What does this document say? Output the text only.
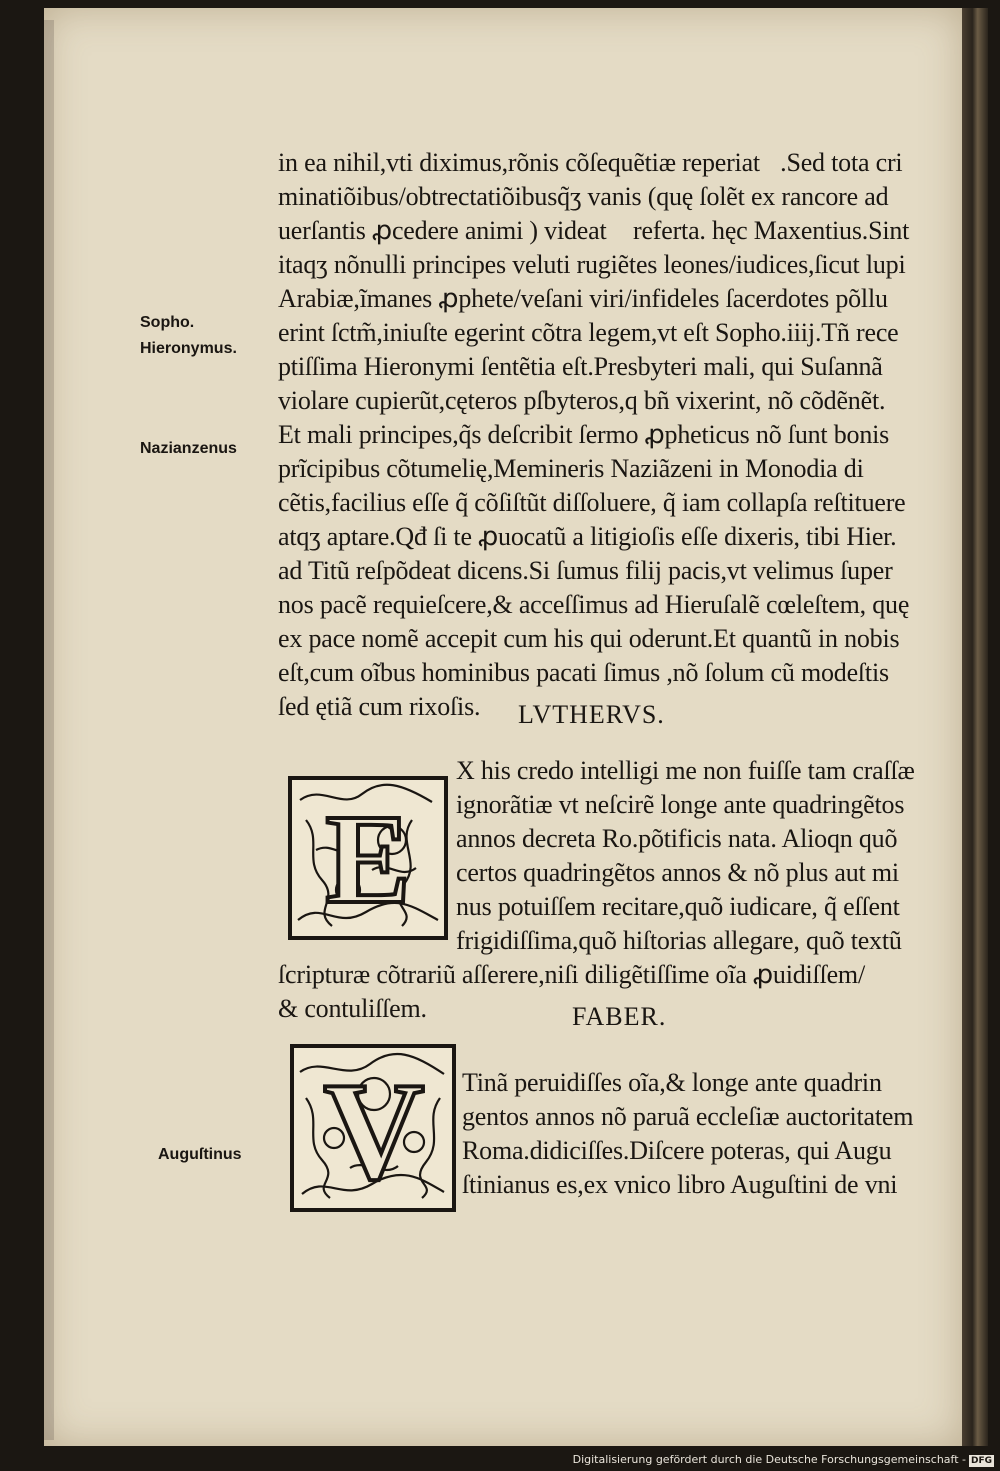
in ea nihil,vti diximus,rõnis cõſequẽtiæ reperiat᷑.Sed tota cri
minatiõibus/obtrectatiõibusq̃ʒ vanis (quę ſolẽt ex rancore ad
uerſantis ꝓcedere animi ) videat᷑ referta. hęc Maxentius.Sint
itaqʒ nõnulli principes veluti rugiẽtes leones/iudices,ſicut lupi
Arabiæ,ĩmanes ꝓphete/veſani viri/infideles ſacerdotes põllu
erint ſctm̃,iniuſte egerint cõtra legem,vt eſt Sopho.iiĳ.Tñ rece
ptiſſima Hieronymi ſentẽtia eſt.Presbyteri mali, qui Suſannã
violare cupierũt,cęteros pſbyteros,q bñ vixerint, nõ cõdẽnẽt.
Et mali principes,q̃s deſcribit ſermo ꝓpheticus nõ ſunt bonis
prĩcipibus cõtumelię,Memineris Naziãzeni in Monodia di
cẽtis,facilius eſſe q̃ cõſiſtũt diſſoluere, q̃ iam collapſa reſtituere
atqʒ aptare.Qđ ſi te ꝓuocatũ a litigioſis eſſe dixeris, tibi Hier.
ad Titũ reſpõdeat dicens.Si ſumus filĳ pacis,vt velimus ſuper
nos pacẽ requieſcere,& acceſſimus ad Hieruſalẽ cœleſtem, quę
ex pace nomẽ accepit cum his qui oderunt.Et quantũ in nobis
eſt,cum oĩbus hominibus pacati ſimus ,nõ ſolum cũ modeſtis
ſed ętiã cum rixoſis.
Sopho.
Hieronymus.
Nazianzenus
Auguſtinus
LVTHERVS.
E
X his credo intelligi me non fuiſſe tam craſſæ
ignorãtiæ vt neſcirẽ longe ante quadringẽtos
annos decreta Ro.põtificis nata. Alioqn quõ
certos quadringẽtos annos & nõ plus aut mi
nus potuiſſem recitare,quõ iudicare, q̃ eſſent
frigidiſſima,quõ hiſtorias allegare, quõ textũ
ſcripturæ cõtrariũ aſſerere,niſi diligẽtiſſime oĩa ꝓuidiſſem/
& contuliſſem.	FABER.
V Tinã peruidiſſes oĩa,& longe ante quadrin
gentos annos nõ paruã eccleſiæ auctoritatem
Roma.didiciſſes.Diſcere poteras, qui Augu
ſtinianus es,ex vnico libro Auguſtini de vni
Digitalisierung gefördert durch die Deutsche Forschungsgemeinschaft - DFG
